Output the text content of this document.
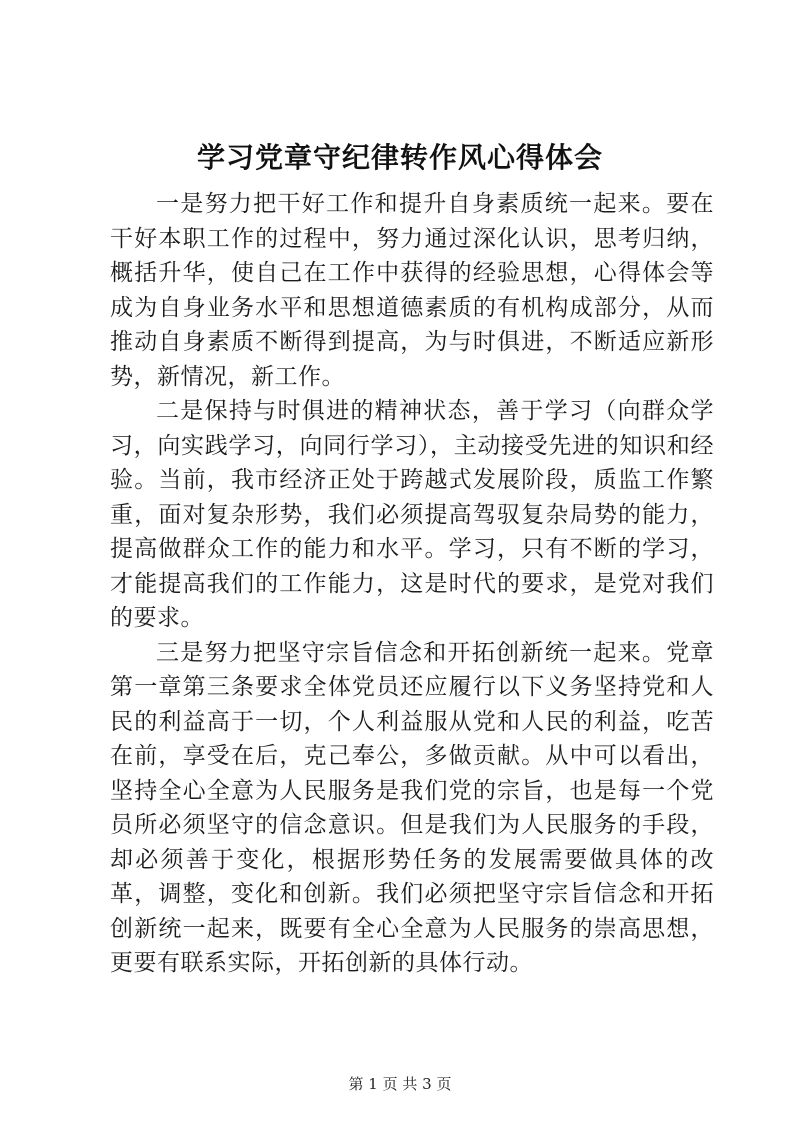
学习党章守纪律转作风心得体会

一是努力把干好工作和提升自身素质统一起来。要在干好本职工作的过程中，努力通过深化认识，思考归纳，概括升华，使自己在工作中获得的经验思想，心得体会等成为自身业务水平和思想道德素质的有机构成部分，从而推动自身素质不断得到提高，为与时俱进，不断适应新形势，新情况，新工作。

二是保持与时俱进的精神状态，善于学习（向群众学习，向实践学习，向同行学习），主动接受先进的知识和经验。当前，我市经济正处于跨越式发展阶段，质监工作繁重，面对复杂形势，我们必须提高驾驭复杂局势的能力，提高做群众工作的能力和水平。学习，只有不断的学习，才能提高我们的工作能力，这是时代的要求，是党对我们的要求。

三是努力把坚守宗旨信念和开拓创新统一起来。党章第一章第三条要求全体党员还应履行以下义务坚持党和人民的利益高于一切，个人利益服从党和人民的利益，吃苦在前，享受在后，克己奉公，多做贡献。从中可以看出，坚持全心全意为人民服务是我们党的宗旨，也是每一个党员所必须坚守的信念意识。但是我们为人民服务的手段，却必须善于变化，根据形势任务的发展需要做具体的改革，调整，变化和创新。我们必须把坚守宗旨信念和开拓创新统一起来，既要有全心全意为人民服务的崇高思想，更要有联系实际，开拓创新的具体行动。

第 1 页 共 3 页
